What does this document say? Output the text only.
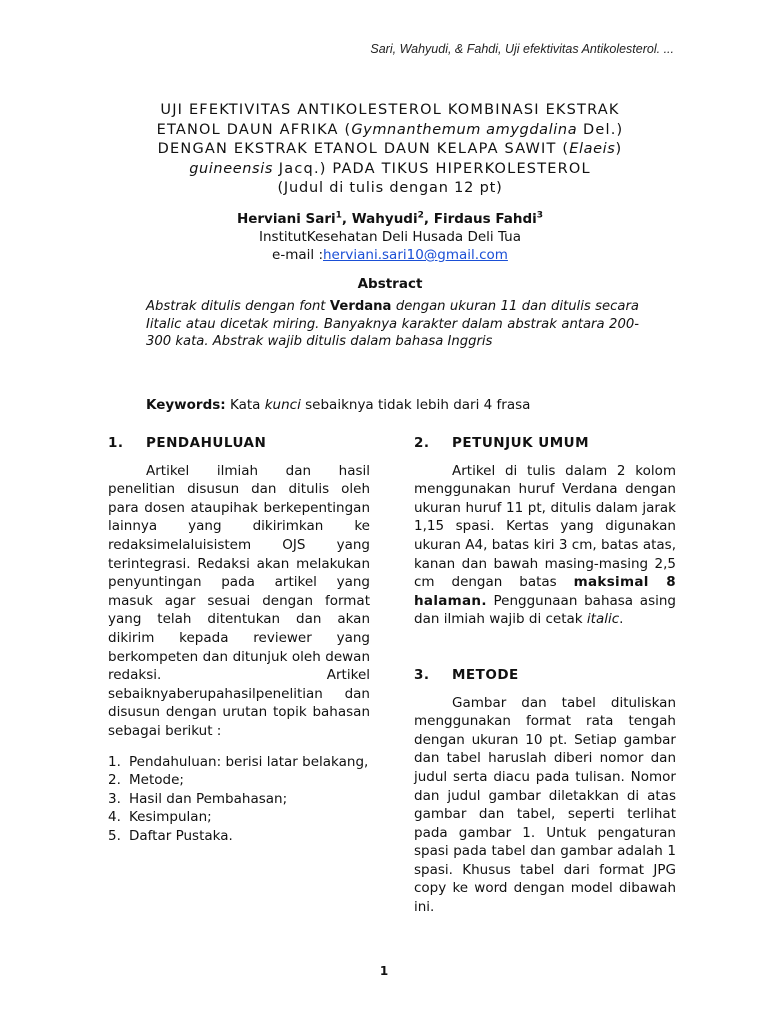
Sari, Wahyudi, & Fahdi, Uji efektivitas Antikolesterol. ...
UJI EFEKTIVITAS ANTIKOLESTEROL KOMBINASI EKSTRAK
ETANOL DAUN AFRIKA (Gymnanthemum amygdalina Del.)
DENGAN EKSTRAK ETANOL DAUN KELAPA SAWIT (Elaeis)
guineensis Jacq.) PADA TIKUS HIPERKOLESTEROL
(Judul di tulis dengan 12 pt)
Herviani Sari$^1$, Wahyudi$^2$, Firdaus Fahdi$^3$
InstitutKesehatan Deli Husada Deli Tua
e-mail :herviani.sari10@gmail.com
Abstract
Abstrak ditulis dengan font Verdana dengan ukuran 11 dan ditulis secara Iitalic atau dicetak miring. Banyaknya karakter dalam abstrak antara 200-300 kata. Abstrak wajib ditulis dalam bahasa Inggris
Keywords: Kata kunci sebaiknya tidak lebih dari 4 frasa
1. PENDAHULUAN

Artikel ilmiah dan hasil penelitian disusun dan ditulis oleh para dosen ataupihak berkepentingan lainnya yang dikirimkan ke redaksimelaluisistem OJS yang terintegrasi. Redaksi akan melakukan penyuntingan pada artikel yang masuk agar sesuai dengan format yang telah ditentukan dan akan dikirim kepada reviewer yang berkompeten dan ditunjuk oleh dewan redaksi. Artikel sebaiknyaberupahasilpenelitian dan disusun dengan urutan topik bahasan sebagai berikut :

1. Pendahuluan: berisi latar belakang,
2. Metode;
3. Hasil dan Pembahasan;
4. Kesimpulan;
5. Daftar Pustaka.
2. PETUNJUK UMUM

Artikel di tulis dalam 2 kolom menggunakan huruf Verdana dengan ukuran huruf 11 pt, ditulis dalam jarak 1,15 spasi. Kertas yang digunakan ukuran A4, batas kiri 3 cm, batas atas, kanan dan bawah masing-masing 2,5 cm dengan batas maksimal 8 halaman. Penggunaan bahasa asing dan ilmiah wajib di cetak italic.

3. METODE

Gambar dan tabel dituliskan menggunakan format rata tengah dengan ukuran 10 pt. Setiap gambar dan tabel haruslah diberi nomor dan judul serta diacu pada tulisan. Nomor dan judul gambar diletakkan di atas gambar dan tabel, seperti terlihat pada gambar 1. Untuk pengaturan spasi pada tabel dan gambar adalah 1 spasi. Khusus tabel dari format JPG copy ke word dengan model dibawah ini.

1
